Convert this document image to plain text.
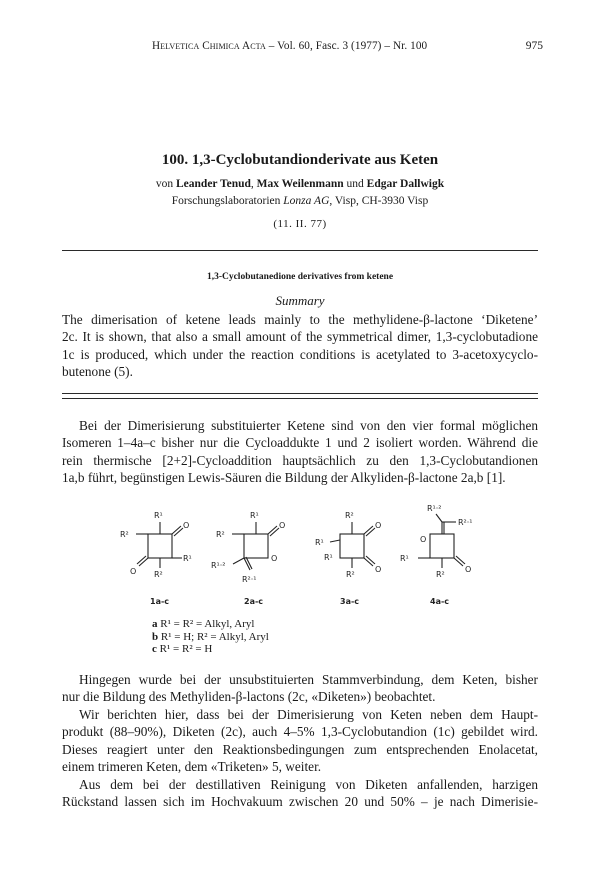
Helvetica Chimica Acta – Vol. 60, Fasc. 3 (1977) – Nr. 100	975
100. 1,3-Cyclobutandionderivate aus Keten
von Leander Tenud, Max Weilenmann und Edgar Dallwigk
Forschungslaboratorien Lonza AG, Visp, CH-3930 Visp
(11. II. 77)
1,3-Cyclobutanedione derivatives from ketene
Summary
The dimerisation of ketene leads mainly to the methylidene-β-lactone ‘Diketene’
2c. It is shown, that also a small amount of the symmetrical dimer, 1,3-cyclobutadione
1c is produced, which under the reaction conditions is acetylated to 3-acetoxycyclo-
butenone (5).
Bei der Dimerisierung substituierter Ketene sind von den vier formal möglichen
Isomeren 1–4a–c bisher nur die Cycloaddukte 1 und 2 isoliert worden. Während die
rein thermische [2+2]-Cycloaddition hauptsächlich zu den 1,3-Cyclobutandionen
1a,b führt, begünstigen Lewis-Säuren die Bildung der Alkyliden-β-lactone 2a,b [1].
R¹
R²
O
R¹
O R²
R¹
R²
O
O
R¹·²
R²·¹
R²
R¹
O
R¹
O
R²
R¹·²
R²·¹
O
R¹
O
R²
1a-c	2a-c	3a-c	4a-c
a R¹ = R² = Alkyl, Aryl
b R¹ = H; R² = Alkyl, Aryl
c R¹ = R² = H
Hingegen wurde bei der unsubstituierten Stammverbindung, dem Keten, bisher
nur die Bildung des Methyliden-β-lactons (2c, «Diketen») beobachtet.
Wir berichten hier, dass bei der Dimerisierung von Keten neben dem Haupt-
produkt (88–90%), Diketen (2c), auch 4–5% 1,3-Cyclobutandion (1c) gebildet wird.
Dieses reagiert unter den Reaktionsbedingungen zum entsprechenden Enolacetat,
einem trimeren Keten, dem «Triketen» 5, weiter.
Aus dem bei der destillativen Reinigung von Diketen anfallenden, harzigen
Rückstand lassen sich im Hochvakuum zwischen 20 und 50% – je nach Dimerisie-
